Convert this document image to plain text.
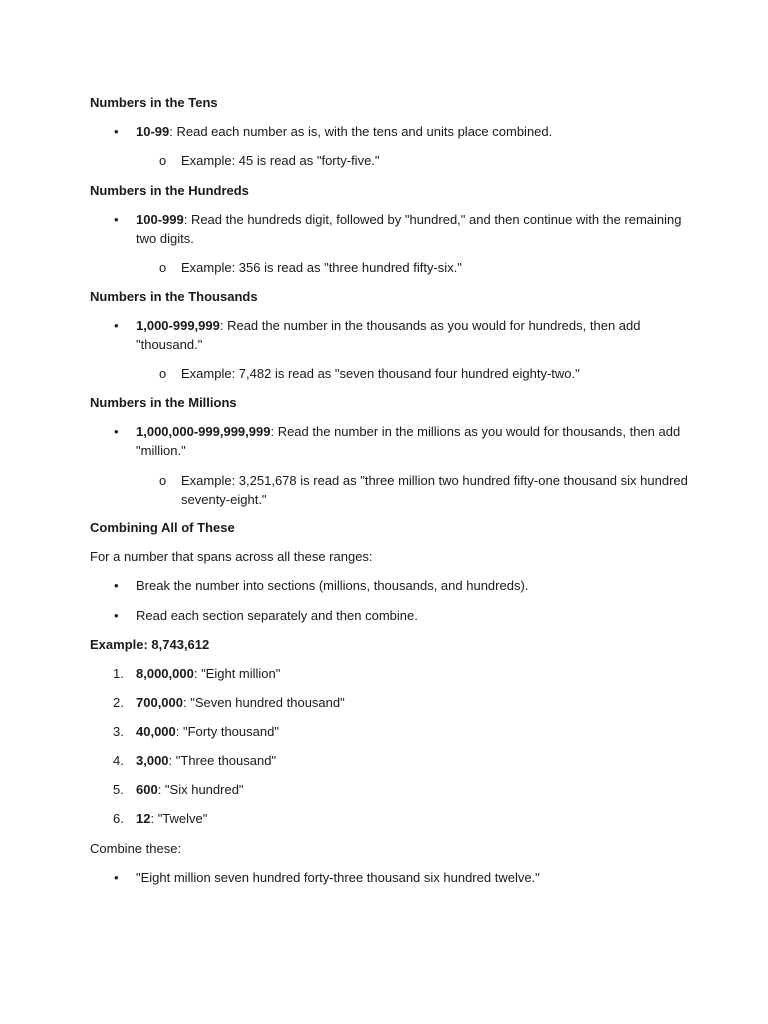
Numbers in the Tens
• 10-99: Read each number as is, with the tens and units place combined.
o Example: 45 is read as "forty-five."
Numbers in the Hundreds
• 100-999: Read the hundreds digit, followed by "hundred," and then continue with the remaining two digits.
o Example: 356 is read as "three hundred fifty-six."
Numbers in the Thousands
• 1,000-999,999: Read the number in the thousands as you would for hundreds, then add "thousand."
o Example: 7,482 is read as "seven thousand four hundred eighty-two."
Numbers in the Millions
• 1,000,000-999,999,999: Read the number in the millions as you would for thousands, then add "million."
o Example: 3,251,678 is read as "three million two hundred fifty-one thousand six hundred seventy-eight."
Combining All of These
For a number that spans across all these ranges:
• Break the number into sections (millions, thousands, and hundreds).
• Read each section separately and then combine.
Example: 8,743,612
1. 8,000,000: "Eight million"
2. 700,000: "Seven hundred thousand"
3. 40,000: "Forty thousand"
4. 3,000: "Three thousand"
5. 600: "Six hundred"
6. 12: "Twelve"
Combine these:
• "Eight million seven hundred forty-three thousand six hundred twelve."
